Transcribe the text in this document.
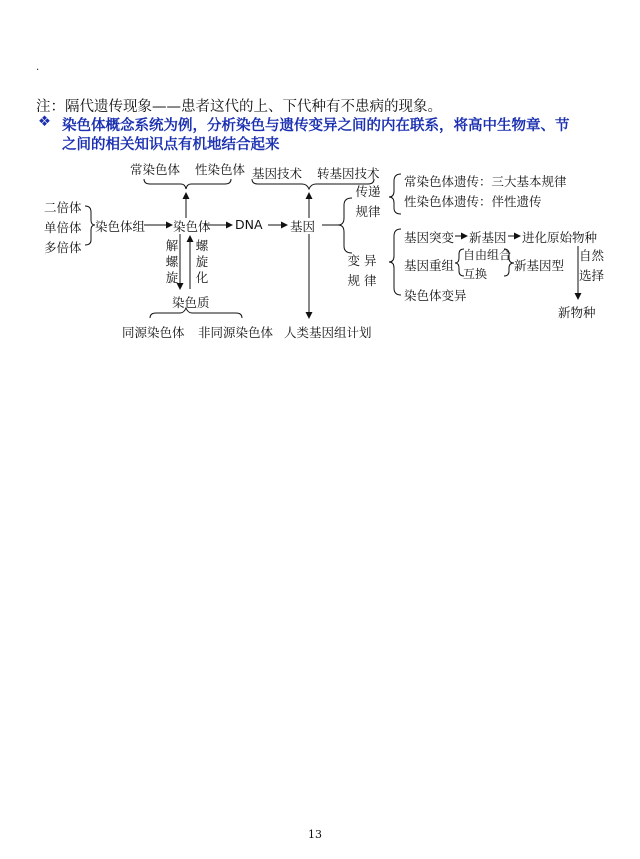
.
注：隔代遗传现象——患者这代的上、下代种有不患病的现象。
❖ 染色体概念系统为例，分析染色与遗传变异之间的内在联系，将高中生物章、节
之间的相关知识点有机地结合起来
常染色体 性染色体 基因技术 转基因技术
二倍体
单倍体
多倍体
染色体组 染色体 DNA 基因
解螺旋
螺旋化
染色质
同源染色体 非同源染色体 人类基因组计划
传递规律
变异规律
常染色体遗传：三大基本规律
性染色体遗传：伴性遗传
基因突变 新基因 进化原始物种
基因重组
自由组合
互换
新基因型
自然选择
染色体变异
新物种
13
